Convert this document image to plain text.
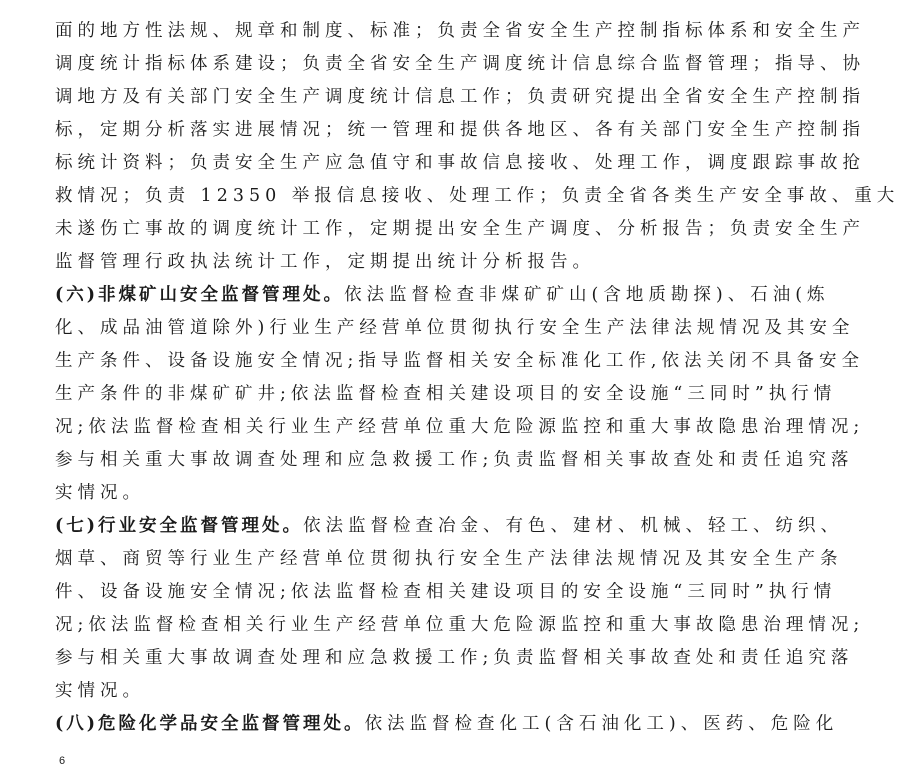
面的地方性法规、规章和制度、标准；负责全省安全生产控制指标体系和安全生产
调度统计指标体系建设；负责全省安全生产调度统计信息综合监督管理；指导、协
调地方及有关部门安全生产调度统计信息工作；负责研究提出全省安全生产控制指
标，定期分析落实进展情况；统一管理和提供各地区、各有关部门安全生产控制指
标统计资料；负责安全生产应急值守和事故信息接收、处理工作，调度跟踪事故抢
救情况；负责 12350 举报信息接收、处理工作；负责全省各类生产安全事故、重大
未遂伤亡事故的调度统计工作，定期提出安全生产调度、分析报告；负责安全生产
监督管理行政执法统计工作，定期提出统计分析报告。
(六)非煤矿山安全监督管理处。依法监督检查非煤矿矿山(含地质勘探)、石油(炼
化、成品油管道除外)行业生产经营单位贯彻执行安全生产法律法规情况及其安全
生产条件、设备设施安全情况;指导监督相关安全标准化工作,依法关闭不具备安全
生产条件的非煤矿矿井;依法监督检查相关建设项目的安全设施“三同时”执行情
况;依法监督检查相关行业生产经营单位重大危险源监控和重大事故隐患治理情况;
参与相关重大事故调查处理和应急救援工作;负责监督相关事故查处和责任追究落
实情况。
(七)行业安全监督管理处。依法监督检查冶金、有色、建材、机械、轻工、纺织、
烟草、商贸等行业生产经营单位贯彻执行安全生产法律法规情况及其安全生产条
件、设备设施安全情况;依法监督检查相关建设项目的安全设施“三同时”执行情
况;依法监督检查相关行业生产经营单位重大危险源监控和重大事故隐患治理情况;
参与相关重大事故调查处理和应急救援工作;负责监督相关事故查处和责任追究落
实情况。
(八)危险化学品安全监督管理处。依法监督检查化工(含石油化工)、医药、危险化
6
